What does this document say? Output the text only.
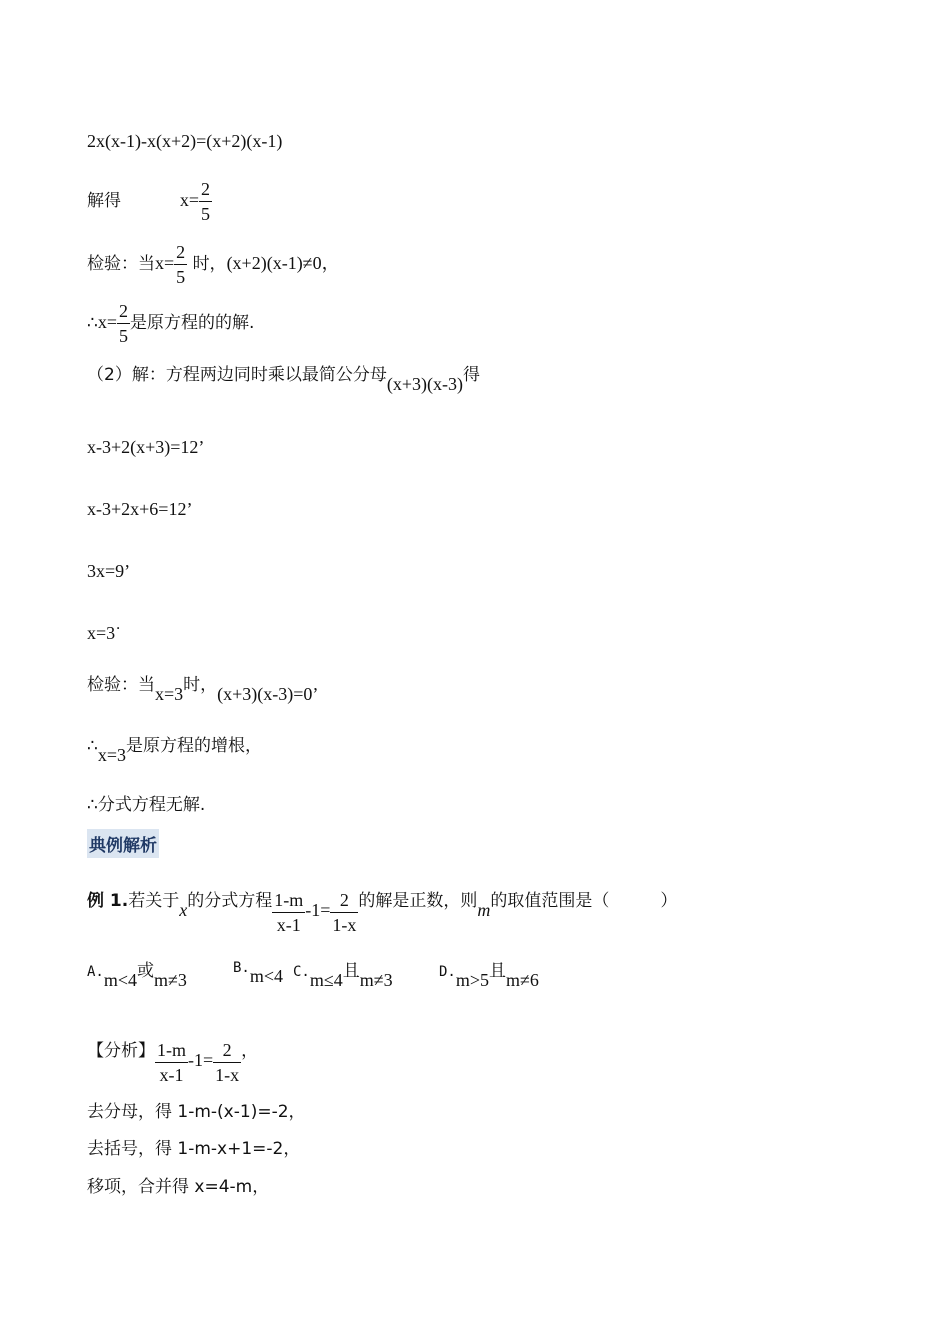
2x(x-1)-x(x+2)=(x+2)(x-1)
解得	$x= \frac{2}{5}$
检验：当$x= \frac{2}{5}$ 时，(x+2)(x-1)≠0，
∴x= $\frac{2}{5}$ 是原方程的的解.
（2）解：方程两边同时乘以最简公分母(x+3)(x-3)得
x-3+2(x+3)=12’
x-3+2x+6=12’
3x=9’
x=3˙
检验：当x=3时，(x+3)(x-3)=0’
∴x=3是原方程的增根，
∴分式方程无解.
典例解析
例 1.若关于x的分式方程 $\frac{1-m}{x-1} -1= \frac{2}{1-x}$ 的解是正数，则m的取值范围是（　　　）
A.m<4或m≠3
B.m<4 C.m≤4且m≠3	D.m>5且m≠6
【分析】 $\frac{1-m}{x-1} -1= \frac{2}{1-x}$ ，
去分母，得 1-m-(x-1)=-2，
去括号，得 1-m-x+1=-2，
移项，合并得 x=4-m，
